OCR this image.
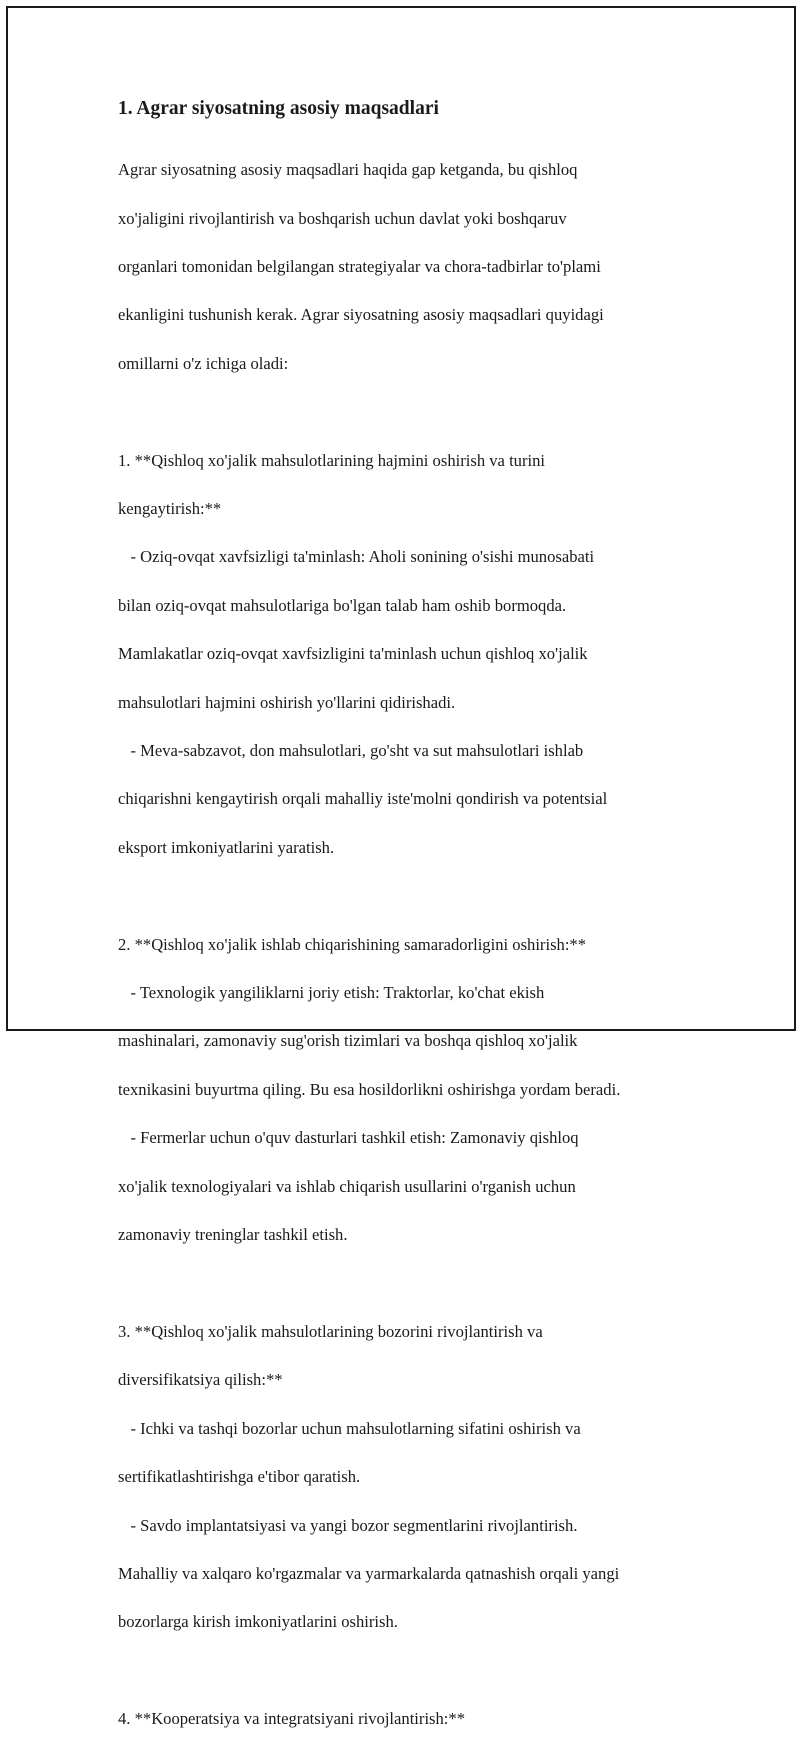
1. Agrar siyosatning asosiy maqsadlari

Agrar siyosatning asosiy maqsadlari haqida gap ketganda, bu qishloq

xo'jaligini rivojlantirish va boshqarish uchun davlat yoki boshqaruv

organlari tomonidan belgilangan strategiyalar va chora-tadbirlar to'plami

ekanligini tushunish kerak. Agrar siyosatning asosiy maqsadlari quyidagi

omillarni o'z ichiga oladi:

1. **Qishloq xo'jalik mahsulotlarining hajmini oshirish va turini

kengaytirish:**

- Oziq-ovqat xavfsizligi ta'minlash: Aholi sonining o'sishi munosabati

bilan oziq-ovqat mahsulotlariga bo'lgan talab ham oshib bormoqda.

Mamlakatlar oziq-ovqat xavfsizligini ta'minlash uchun qishloq xo'jalik

mahsulotlari hajmini oshirish yo'llarini qidirishadi.

- Meva-sabzavot, don mahsulotlari, go'sht va sut mahsulotlari ishlab

chiqarishni kengaytirish orqali mahalliy iste'molni qondirish va potentsial

eksport imkoniyatlarini yaratish.

2. **Qishloq xo'jalik ishlab chiqarishining samaradorligini oshirish:**

- Texnologik yangiliklarni joriy etish: Traktorlar, ko'chat ekish

mashinalari, zamonaviy sug'orish tizimlari va boshqa qishloq xo'jalik

texnikasini buyurtma qiling. Bu esa hosildorlikni oshirishga yordam beradi.

- Fermerlar uchun o'quv dasturlari tashkil etish: Zamonaviy qishloq

xo'jalik texnologiyalari va ishlab chiqarish usullarini o'rganish uchun

zamonaviy treninglar tashkil etish.

3. **Qishloq xo'jalik mahsulotlarining bozorini rivojlantirish va

diversifikatsiya qilish:**

- Ichki va tashqi bozorlar uchun mahsulotlarning sifatini oshirish va

sertifikatlashtirishga e'tibor qaratish.

- Savdo implantatsiyasi va yangi bozor segmentlarini rivojlantirish.

Mahalliy va xalqaro ko'rgazmalar va yarmarkalarda qatnashish orqali yangi

bozorlarga kirish imkoniyatlarini oshirish.

4. **Kooperatsiya va integratsiyani rivojlantirish:**
